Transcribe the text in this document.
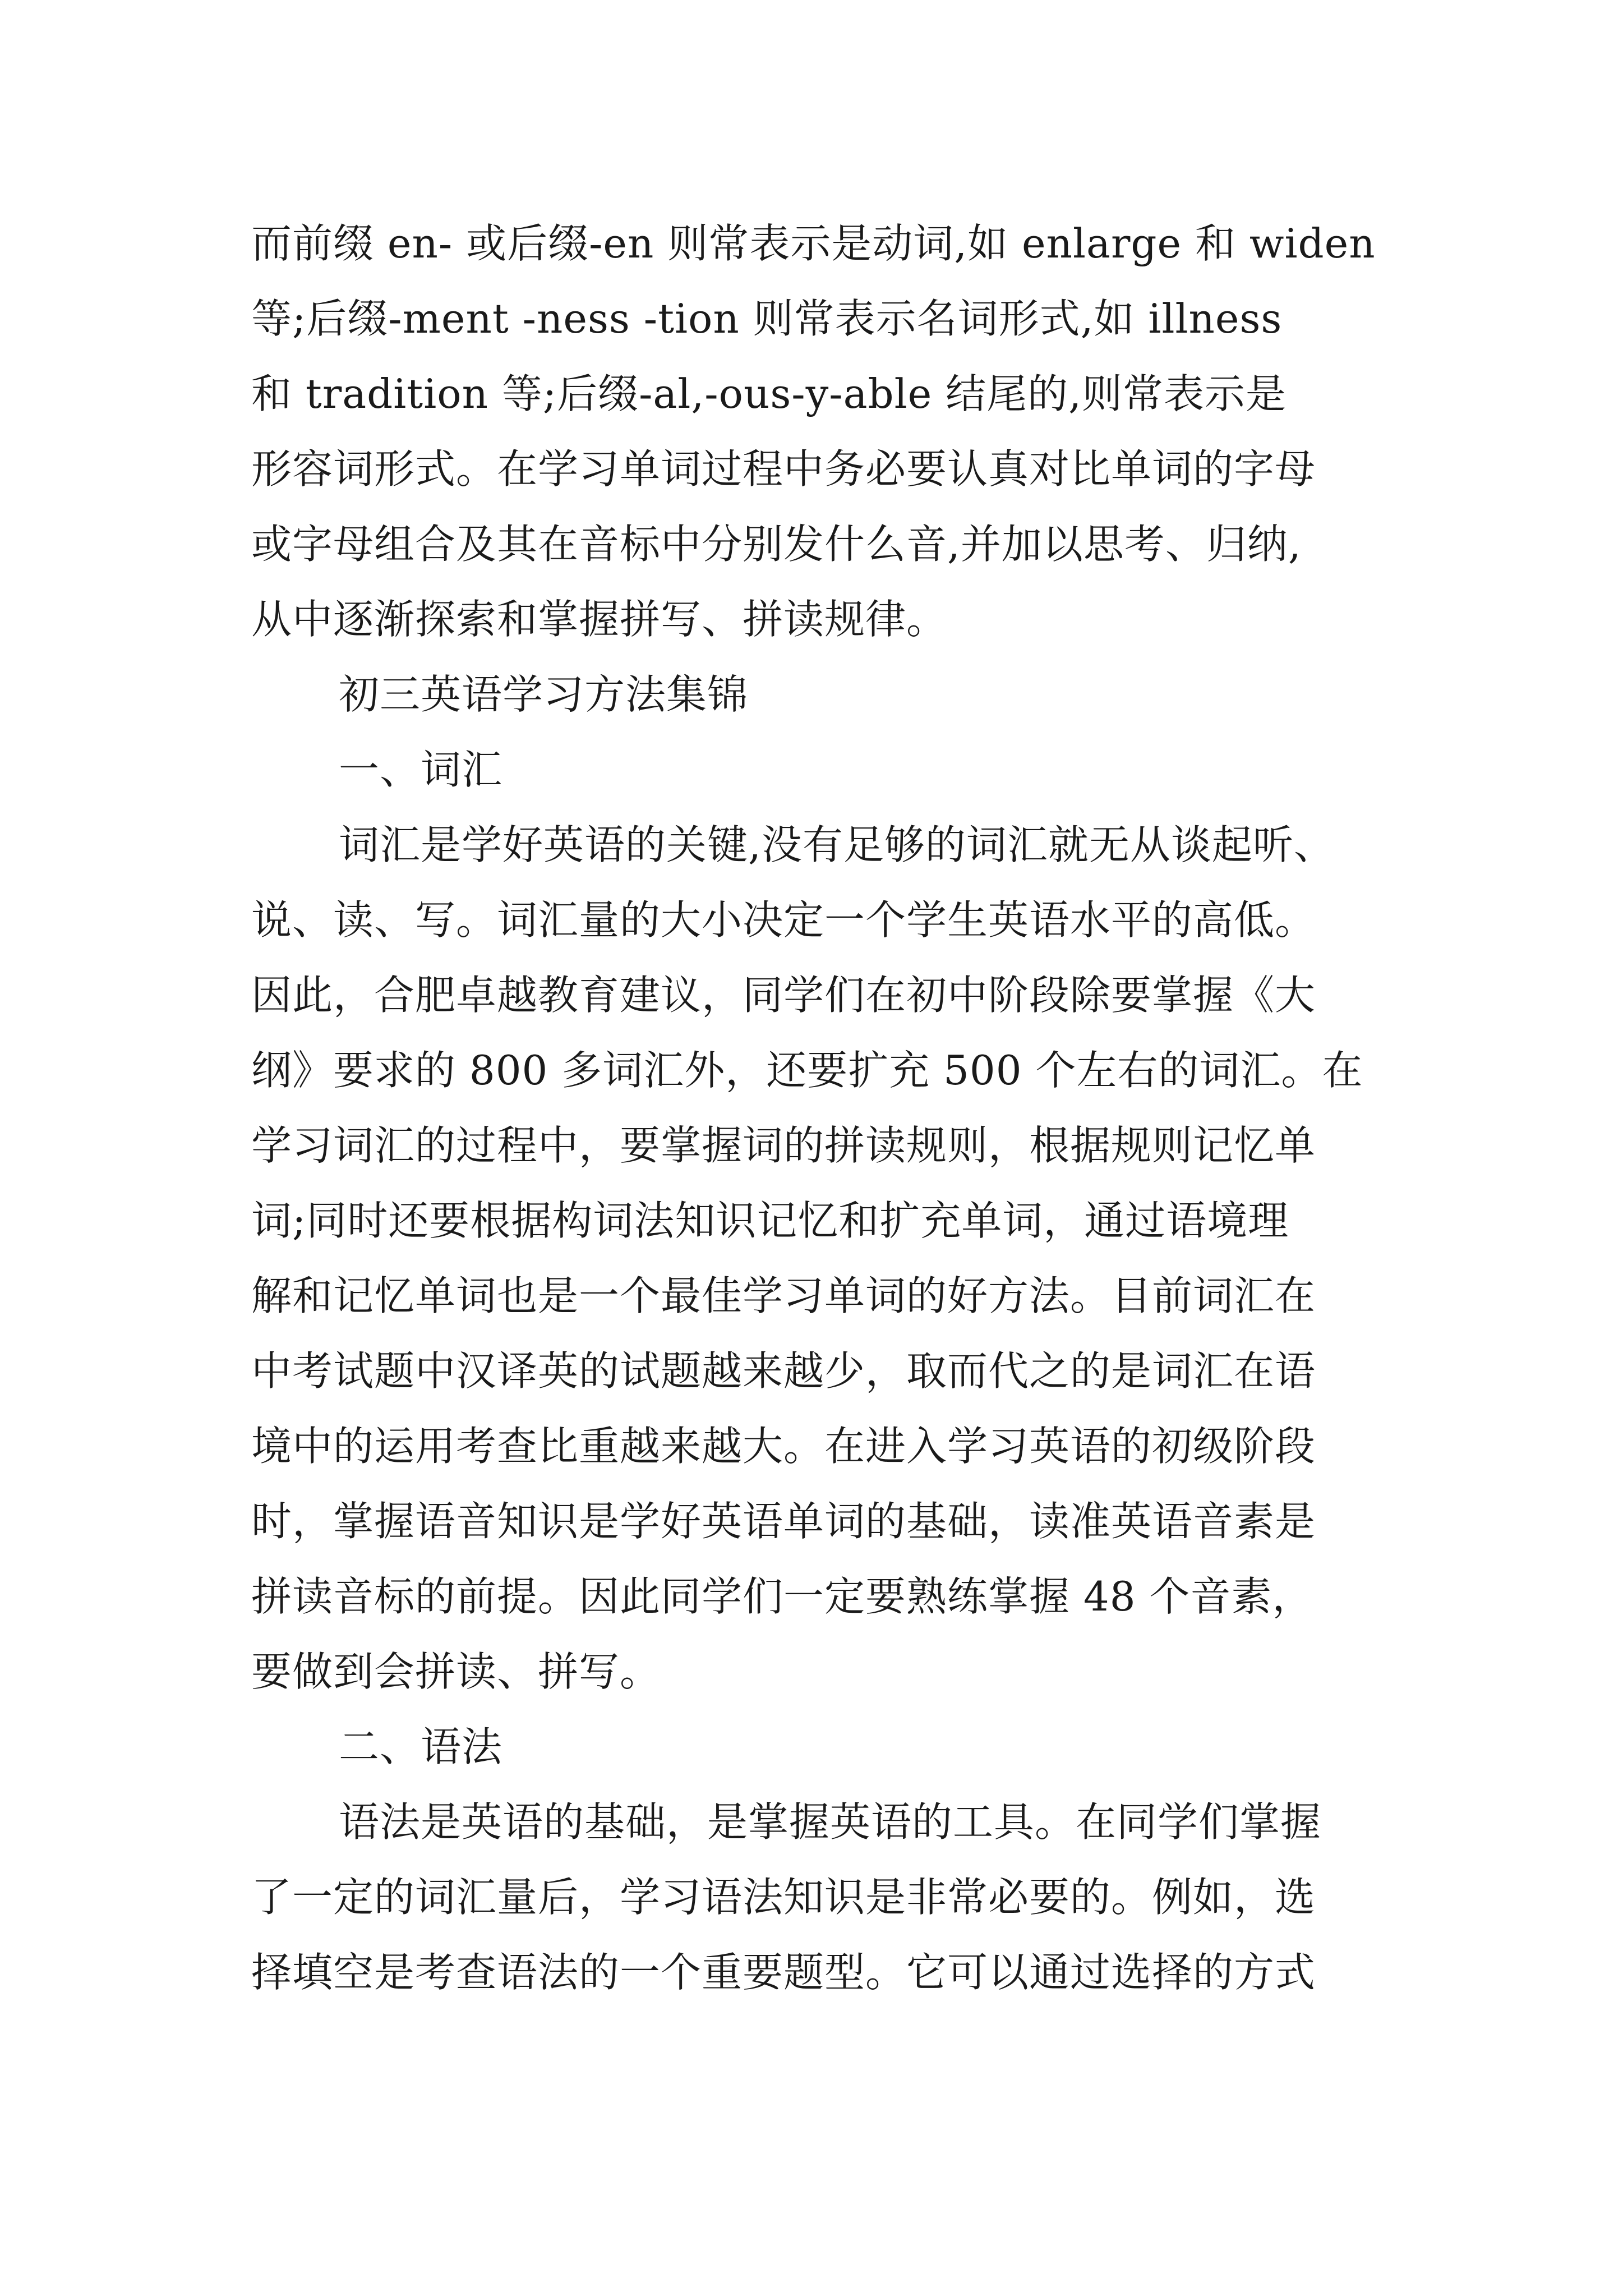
而前缀 en- 或后缀-en 则常表示是动词,如 enlarge 和 widen
等;后缀-ment -ness -tion 则常表示名词形式,如 illness
和 tradition 等;后缀-al,-ous-y-able 结尾的,则常表示是
形容词形式。在学习单词过程中务必要认真对比单词的字母
或字母组合及其在音标中分别发什么音,并加以思考、归纳,
从中逐渐探索和掌握拼写、拼读规律。
初三英语学习方法集锦
一、词汇
词汇是学好英语的关键,没有足够的词汇就无从谈起听、
说、读、写。词汇量的大小决定一个学生英语水平的高低。
因此，合肥卓越教育建议，同学们在初中阶段除要掌握《大
纲》要求的 800 多词汇外，还要扩充 500 个左右的词汇。在
学习词汇的过程中，要掌握词的拼读规则，根据规则记忆单
词;同时还要根据构词法知识记忆和扩充单词，通过语境理
解和记忆单词也是一个最佳学习单词的好方法。目前词汇在
中考试题中汉译英的试题越来越少，取而代之的是词汇在语
境中的运用考查比重越来越大。在进入学习英语的初级阶段
时，掌握语音知识是学好英语单词的基础，读准英语音素是
拼读音标的前提。因此同学们一定要熟练掌握 48 个音素，
要做到会拼读、拼写。
二、语法
语法是英语的基础，是掌握英语的工具。在同学们掌握
了一定的词汇量后，学习语法知识是非常必要的。例如，选
择填空是考查语法的一个重要题型。它可以通过选择的方式
